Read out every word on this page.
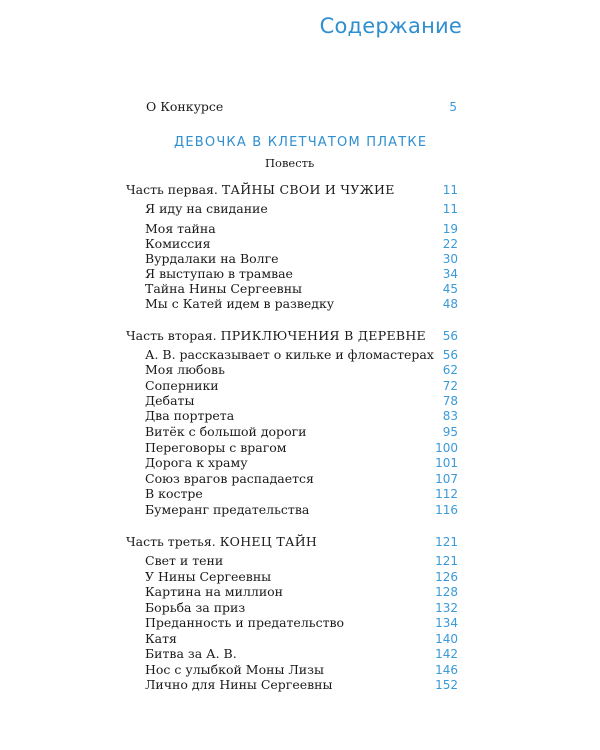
Содержание
О Конкурсе	5
ДЕВОЧКА В КЛЕТЧАТОМ ПЛАТКЕ
Повесть
Часть первая. ТАЙНЫ СВОИ И ЧУЖИЕ	11
Я иду на свидание	11
Моя тайна	19
Комиссия	22
Вурдалаки на Волге	30
Я выступаю в трамвае	34
Тайна Нины Сергеевны	45
Мы с Катей идем в разведку	48
Часть вторая. ПРИКЛЮЧЕНИЯ В ДЕРЕВНЕ 56
А. В. рассказывает о кильке и фломастерах 56
Моя любовь	62
Соперники	72
Дебаты	78
Два портрета	83
Витёк с большой дороги	95
Переговоры с врагом	100
Дорога к храму	101
Союз врагов распадается	107
В костре	112
Бумеранг предательства	116
Часть третья. КОНЕЦ ТАЙН	121
Свет и тени	121
У Нины Сергеевны	126
Картина на миллион	128
Борьба за приз	132
Преданность и предательство	134
Катя	140
Битва за А. В.	142
Нос с улыбкой Моны Лизы	146
Лично для Нины Сергеевны	152
